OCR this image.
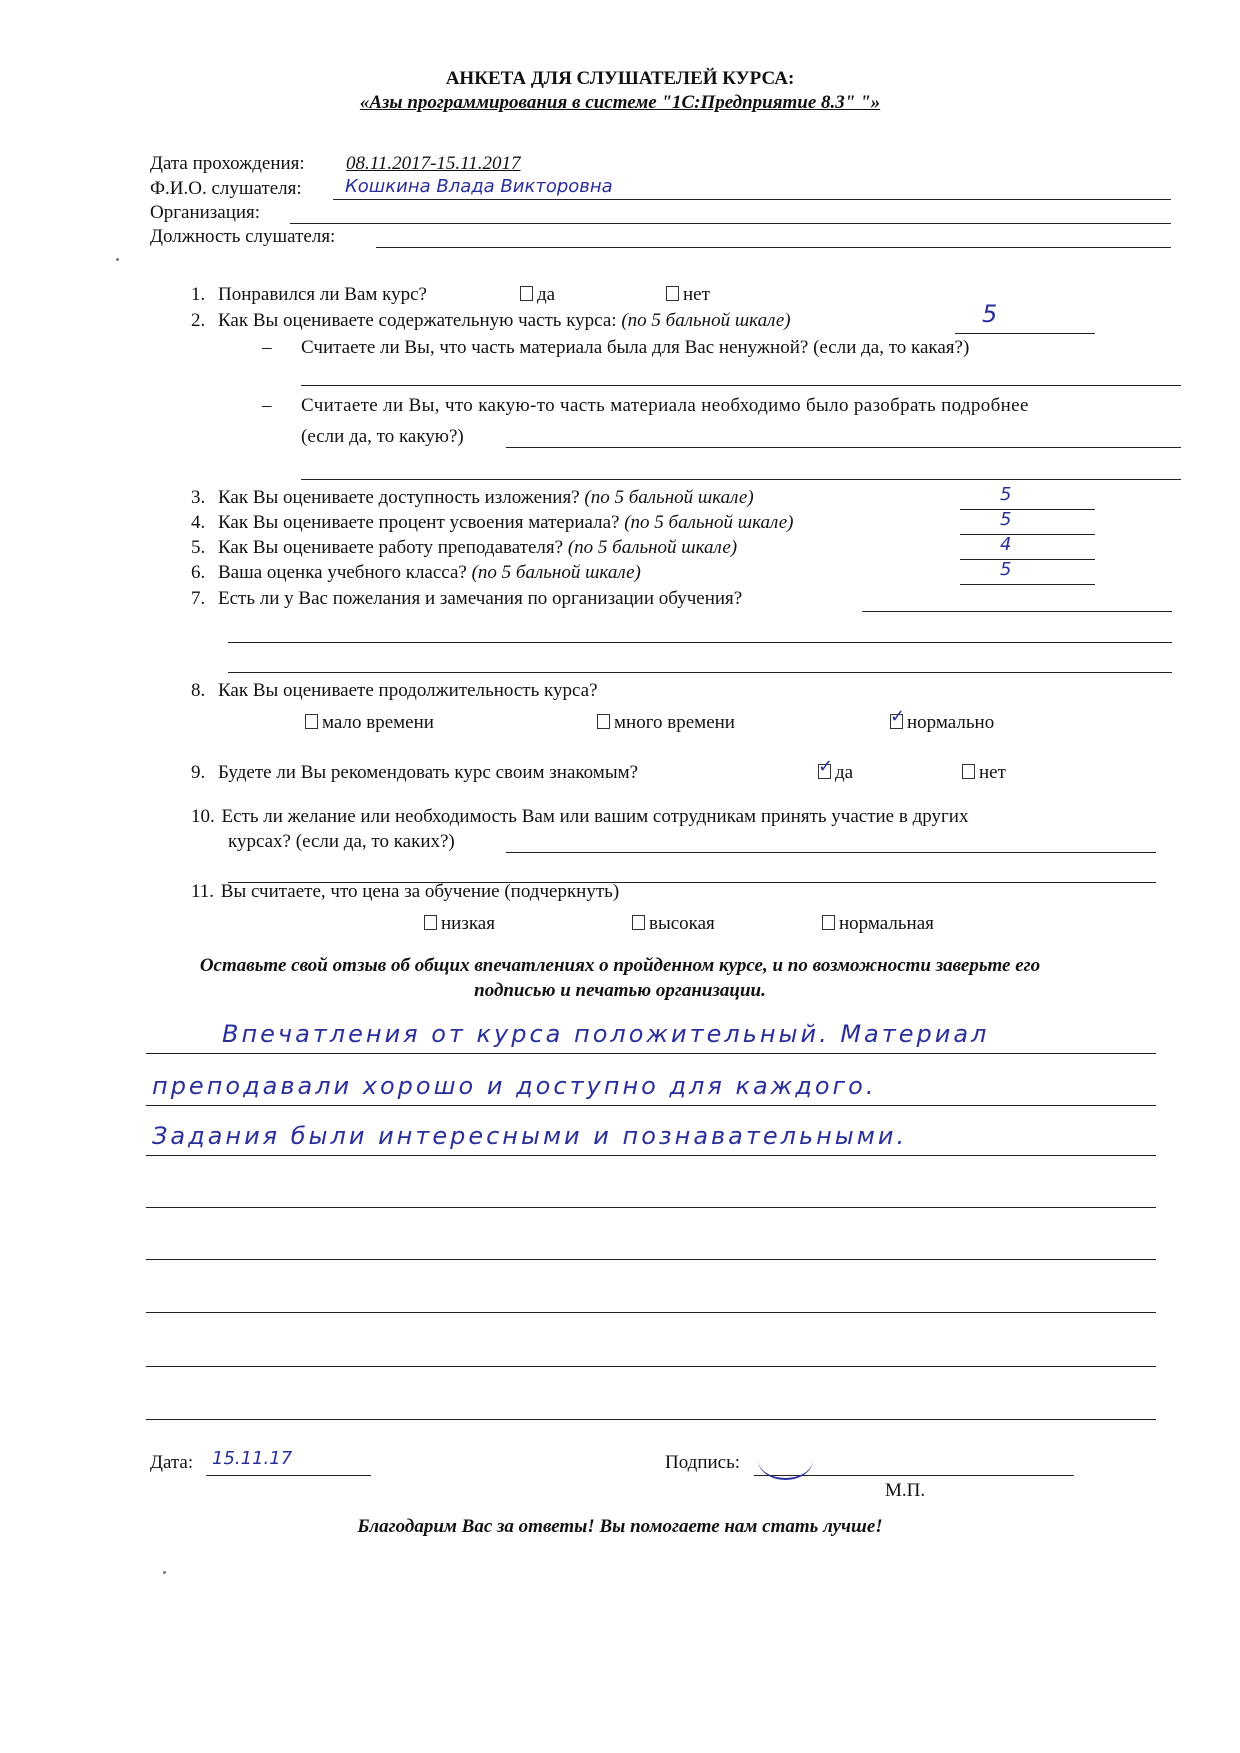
АНКЕТА ДЛЯ СЛУШАТЕЛЕЙ КУРСА:
«Азы программирования в системе "1С:Предприятие 8.3" "»
Дата прохождения: 08.11.2017-15.11.2017
Ф.И.О. слушателя: Кошкина Влада Викторовна
Организация:
Должность слушателя:
1. Понравился ли Вам курс?	да	нет
2. Как Вы оцениваете содержательную часть курса: (по 5 бальной шкале)	5
– Считаете ли Вы, что часть материала была для Вас ненужной? (если да, то какая?)
– Считаете ли Вы, что какую-то часть материала необходимо было разобрать подробнее
(если да, то какую?)
3. Как Вы оцениваете доступность изложения? (по 5 бальной шкале)	5
4. Как Вы оцениваете процент усвоения материала? (по 5 бальной шкале)	5
5. Как Вы оцениваете работу преподавателя? (по 5 бальной шкале)	4
6. Ваша оценка учебного класса? (по 5 бальной шкале)	5
7. Есть ли у Вас пожелания и замечания по организации обучения?
8. Как Вы оцениваете продолжительность курса?
мало времени	много времени ✓	нормально
9. Будете ли Вы рекомендовать курс своим знакомым? ✓	да	нет
10. Есть ли желание или необходимость Вам или вашим сотрудникам принять участие в других
курсах? (если да, то каких?)
11. Вы считаете, что цена за обучение (подчеркнуть)
низкая	высокая	нормальная
Оставьте свой отзыв об общих впечатлениях о пройденном курсе, и по возможности заверьте его
подписью и печатью организации.
Впечатления от курса положительный. Материал
преподавали хорошо и доступно для каждого.
Задания были интересными и познавательными.
Дата: 15.11.17	Подпись:
М.П.
Благодарим Вас за ответы! Вы помогаете нам стать лучше!
